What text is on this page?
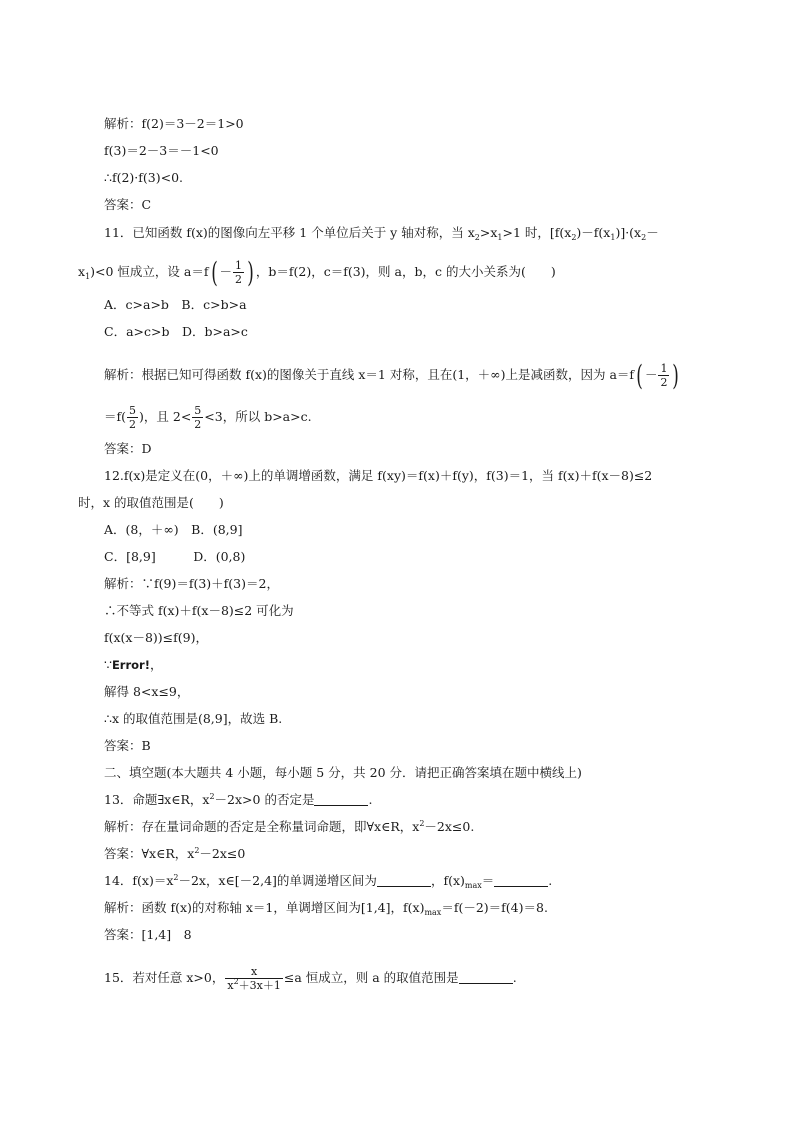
解析：f(2)＝3－2＝1>0
f(3)＝2－3＝－1<0
∴f(2)·f(3)<0.
答案：C
11．已知函数 f(x)的图像向左平移 1 个单位后关于 y 轴对称，当 $x_2>x_1>1$ 时，$[f(x_2)-f(x_1)]\cdot(x_2-$
$x_1)<0$ 恒成立，设 $a=f( - \frac{1}{2}$ ) ，b＝f(2)，c＝f(3)，则 a，b，c 的大小关系为(　　)
A．c>a>b　B．c>b>a
C．a>c>b　D．b>a>c
解析：根据已知可得函数 f(x)的图像关于直线 x＝1 对称，且在(1，＋∞)上是减函数，因为 $a=f( - \frac{1}{2}$ )
$=f( \frac{5}{2}$ )，且 $2< \frac{5}{2} <3$，所以 b>a>c.
答案：D
12.f(x)是定义在(0，＋∞)上的单调增函数，满足 f(xy)＝f(x)＋f(y)，f(3)＝1，当 f(x)＋f(x－8)≤2
时，x 的取值范围是(　　)
A．(8，＋∞)　B．(8,9]
C．[8,9]　　　D．(0,8)
解析：∵f(9)＝f(3)＋f(3)＝2，
∴不等式 f(x)＋f(x－8)≤2 可化为
f(x(x－8))≤f(9)，
∵Error!，
解得 8<x≤9，
∴x 的取值范围是(8,9]，故选 B.
答案：B
二、填空题(本大题共 4 小题，每小题 5 分，共 20 分．请把正确答案填在题中横线上)
13．命题∃x∈R，$x^2-2x>0$ 的否定是	.
解析：存在量词命题的否定是全称量词命题，即∀x∈R，$x^2-2x\le 0$.
答案：∀x∈R，$x^2-2x\le 0$
14．$f(x)=x^2-2x$，x∈[－2,4]的单调递增区间为	，$f(x)_{max}=$	.
解析：函数 f(x)的对称轴 x＝1，单调增区间为[1,4]，$f(x)_{max}=f(-2)=f(4)=8$.
答案：[1,4]　8
15．若对任意 x>0， $\frac{x}{x^2+3x+1} \le a$ 恒成立，则 a 的取值范围是	.
